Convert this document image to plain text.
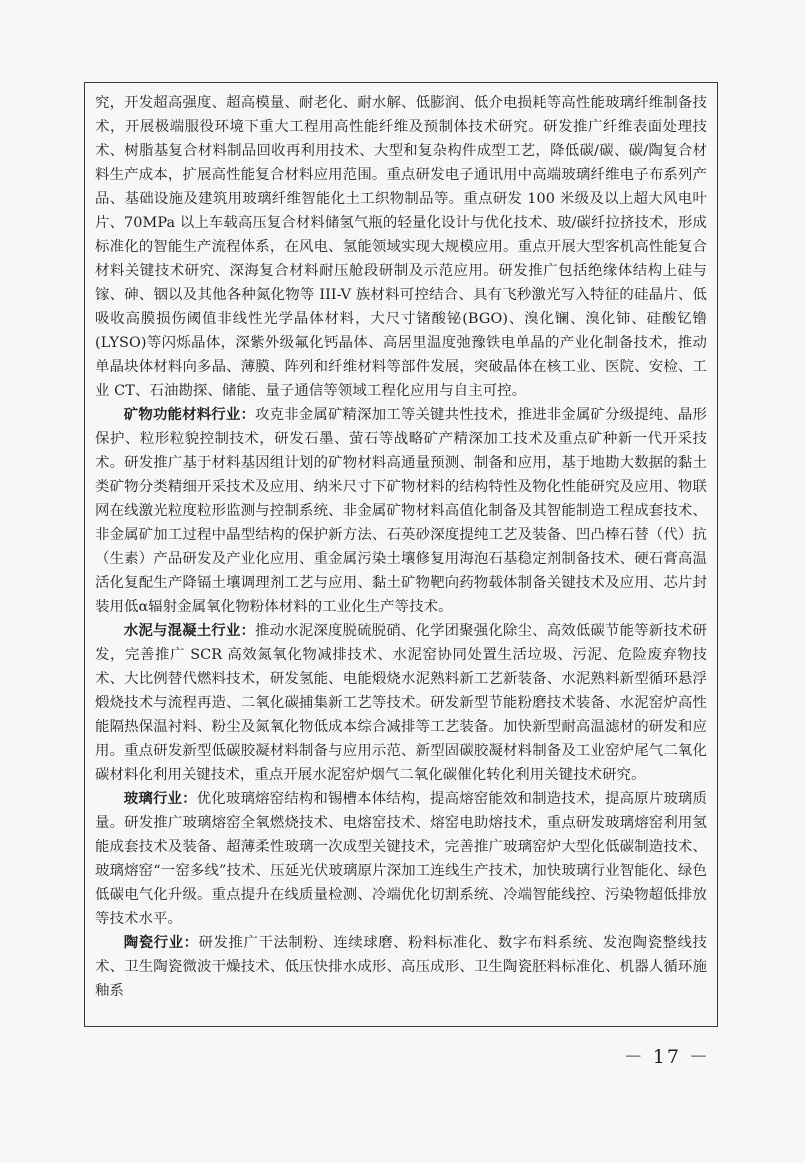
究，开发超高强度、超高模量、耐老化、耐水解、低膨润、低介电损耗等高性能玻璃纤维制备技术，开展极端服役环境下重大工程用高性能纤维及预制体技术研究。研发推广纤维表面处理技术、树脂基复合材料制品回收再利用技术、大型和复杂构件成型工艺，降低碳/碳、碳/陶复合材料生产成本，扩展高性能复合材料应用范围。重点研发电子通讯用中高端玻璃纤维电子布系列产品、基础设施及建筑用玻璃纤维智能化土工织物制品等。重点研发 100 米级及以上超大风电叶片、70MPa 以上车载高压复合材料储氢气瓶的轻量化设计与优化技术、玻/碳纤拉挤技术，形成标准化的智能生产流程体系，在风电、氢能领域实现大规模应用。重点开展大型客机高性能复合材料关键技术研究、深海复合材料耐压舱段研制及示范应用。研发推广包括绝缘体结构上硅与镓、砷、铟以及其他各种氮化物等 III-V 族材料可控结合、具有飞秒激光写入特征的硅晶片、低吸收高膜损伤阈值非线性光学晶体材料，大尺寸锗酸铋(BGO)、溴化镧、溴化铈、硅酸钇镥(LYSO)等闪烁晶体，深紫外级氟化钙晶体、高居里温度弛豫铁电单晶的产业化制备技术，推动单晶块体材料向多晶、薄膜、阵列和纤维材料等部件发展，突破晶体在核工业、医院、安检、工业 CT、石油勘探、储能、量子通信等领域工程化应用与自主可控。

矿物功能材料行业：攻克非金属矿精深加工等关键共性技术，推进非金属矿分级提纯、晶形保护、粒形粒貌控制技术，研发石墨、萤石等战略矿产精深加工技术及重点矿种新一代开采技术。研发推广基于材料基因组计划的矿物材料高通量预测、制备和应用，基于地勘大数据的黏土类矿物分类精细开采技术及应用、纳米尺寸下矿物材料的结构特性及物化性能研究及应用、物联网在线激光粒度粒形监测与控制系统、非金属矿物材料高值化制备及其智能制造工程成套技术、非金属矿加工过程中晶型结构的保护新方法、石英砂深度提纯工艺及装备、凹凸棒石替（代）抗（生素）产品研发及产业化应用、重金属污染土壤修复用海泡石基稳定剂制备技术、硬石膏高温活化复配生产降镉土壤调理剂工艺与应用、黏土矿物靶向药物载体制备关键技术及应用、芯片封装用低α辐射金属氧化物粉体材料的工业化生产等技术。

水泥与混凝土行业：推动水泥深度脱硫脱硝、化学团聚强化除尘、高效低碳节能等新技术研发，完善推广 SCR 高效氮氧化物减排技术、水泥窑协同处置生活垃圾、污泥、危险废弃物技术、大比例替代燃料技术，研发氢能、电能煅烧水泥熟料新工艺新装备、水泥熟料新型循环悬浮煅烧技术与流程再造、二氧化碳捕集新工艺等技术。研发新型节能粉磨技术装备、水泥窑炉高性能隔热保温衬料、粉尘及氮氧化物低成本综合减排等工艺装备。加快新型耐高温滤材的研发和应用。重点研发新型低碳胶凝材料制备与应用示范、新型固碳胶凝材料制备及工业窑炉尾气二氧化碳材料化利用关键技术，重点开展水泥窑炉烟气二氧化碳催化转化利用关键技术研究。

玻璃行业：优化玻璃熔窑结构和锡槽本体结构，提高熔窑能效和制造技术，提高原片玻璃质量。研发推广玻璃熔窑全氧燃烧技术、电熔窑技术、熔窑电助熔技术，重点研发玻璃熔窑利用氢能成套技术及装备、超薄柔性玻璃一次成型关键技术，完善推广玻璃窑炉大型化低碳制造技术、玻璃熔窑“一窑多线”技术、压延光伏玻璃原片深加工连线生产技术，加快玻璃行业智能化、绿色低碳电气化升级。重点提升在线质量检测、冷端优化切割系统、冷端智能线控、污染物超低排放等技术水平。

陶瓷行业：研发推广干法制粉、连续球磨、粉料标准化、数字布料系统、发泡陶瓷整线技术、卫生陶瓷微波干燥技术、低压快排水成形、高压成形、卫生陶瓷胚料标准化、机器人循环施釉系

－ 17 －
